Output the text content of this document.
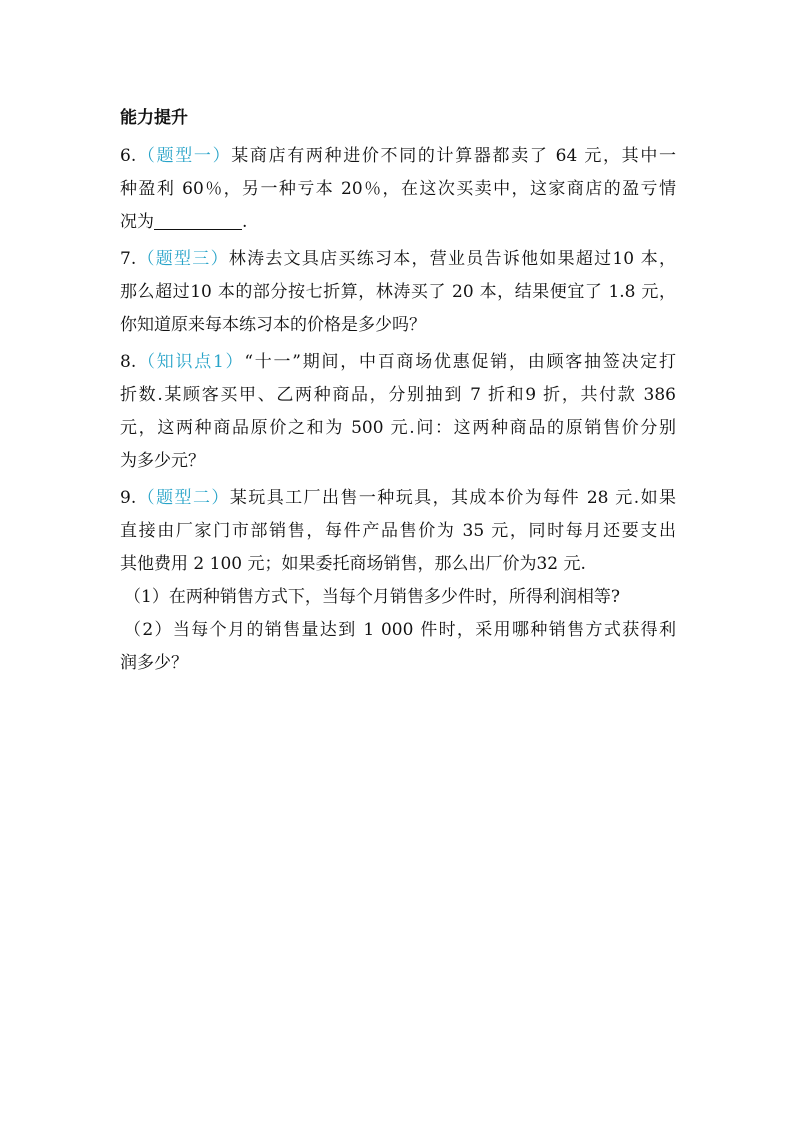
能力提升
6.（题型一）某商店有两种进价不同的计算器都卖了 64 元，其中一
种盈利 60％，另一种亏本 20％，在这次买卖中，这家商店的盈亏情
况为	.
7.（题型三）林涛去文具店买练习本，营业员告诉他如果超过10 本，
那么超过10 本的部分按七折算，林涛买了 20 本，结果便宜了 1.8 元，
你知道原来每本练习本的价格是多少吗？
8.（知识点1）“十一”期间，中百商场优惠促销，由顾客抽签决定打
折数.某顾客买甲、乙两种商品，分别抽到 7 折和9 折，共付款 386
元，这两种商品原价之和为 500 元.问：这两种商品的原销售价分别
为多少元？
9.（题型二）某玩具工厂出售一种玩具，其成本价为每件 28 元.如果
直接由厂家门市部销售，每件产品售价为 35 元，同时每月还要支出
其他费用 2 100 元；如果委托商场销售，那么出厂价为32 元.
（1）在两种销售方式下，当每个月销售多少件时，所得利润相等?
（2）当每个月的销售量达到 1 000 件时，采用哪种销售方式获得利
润多少？
